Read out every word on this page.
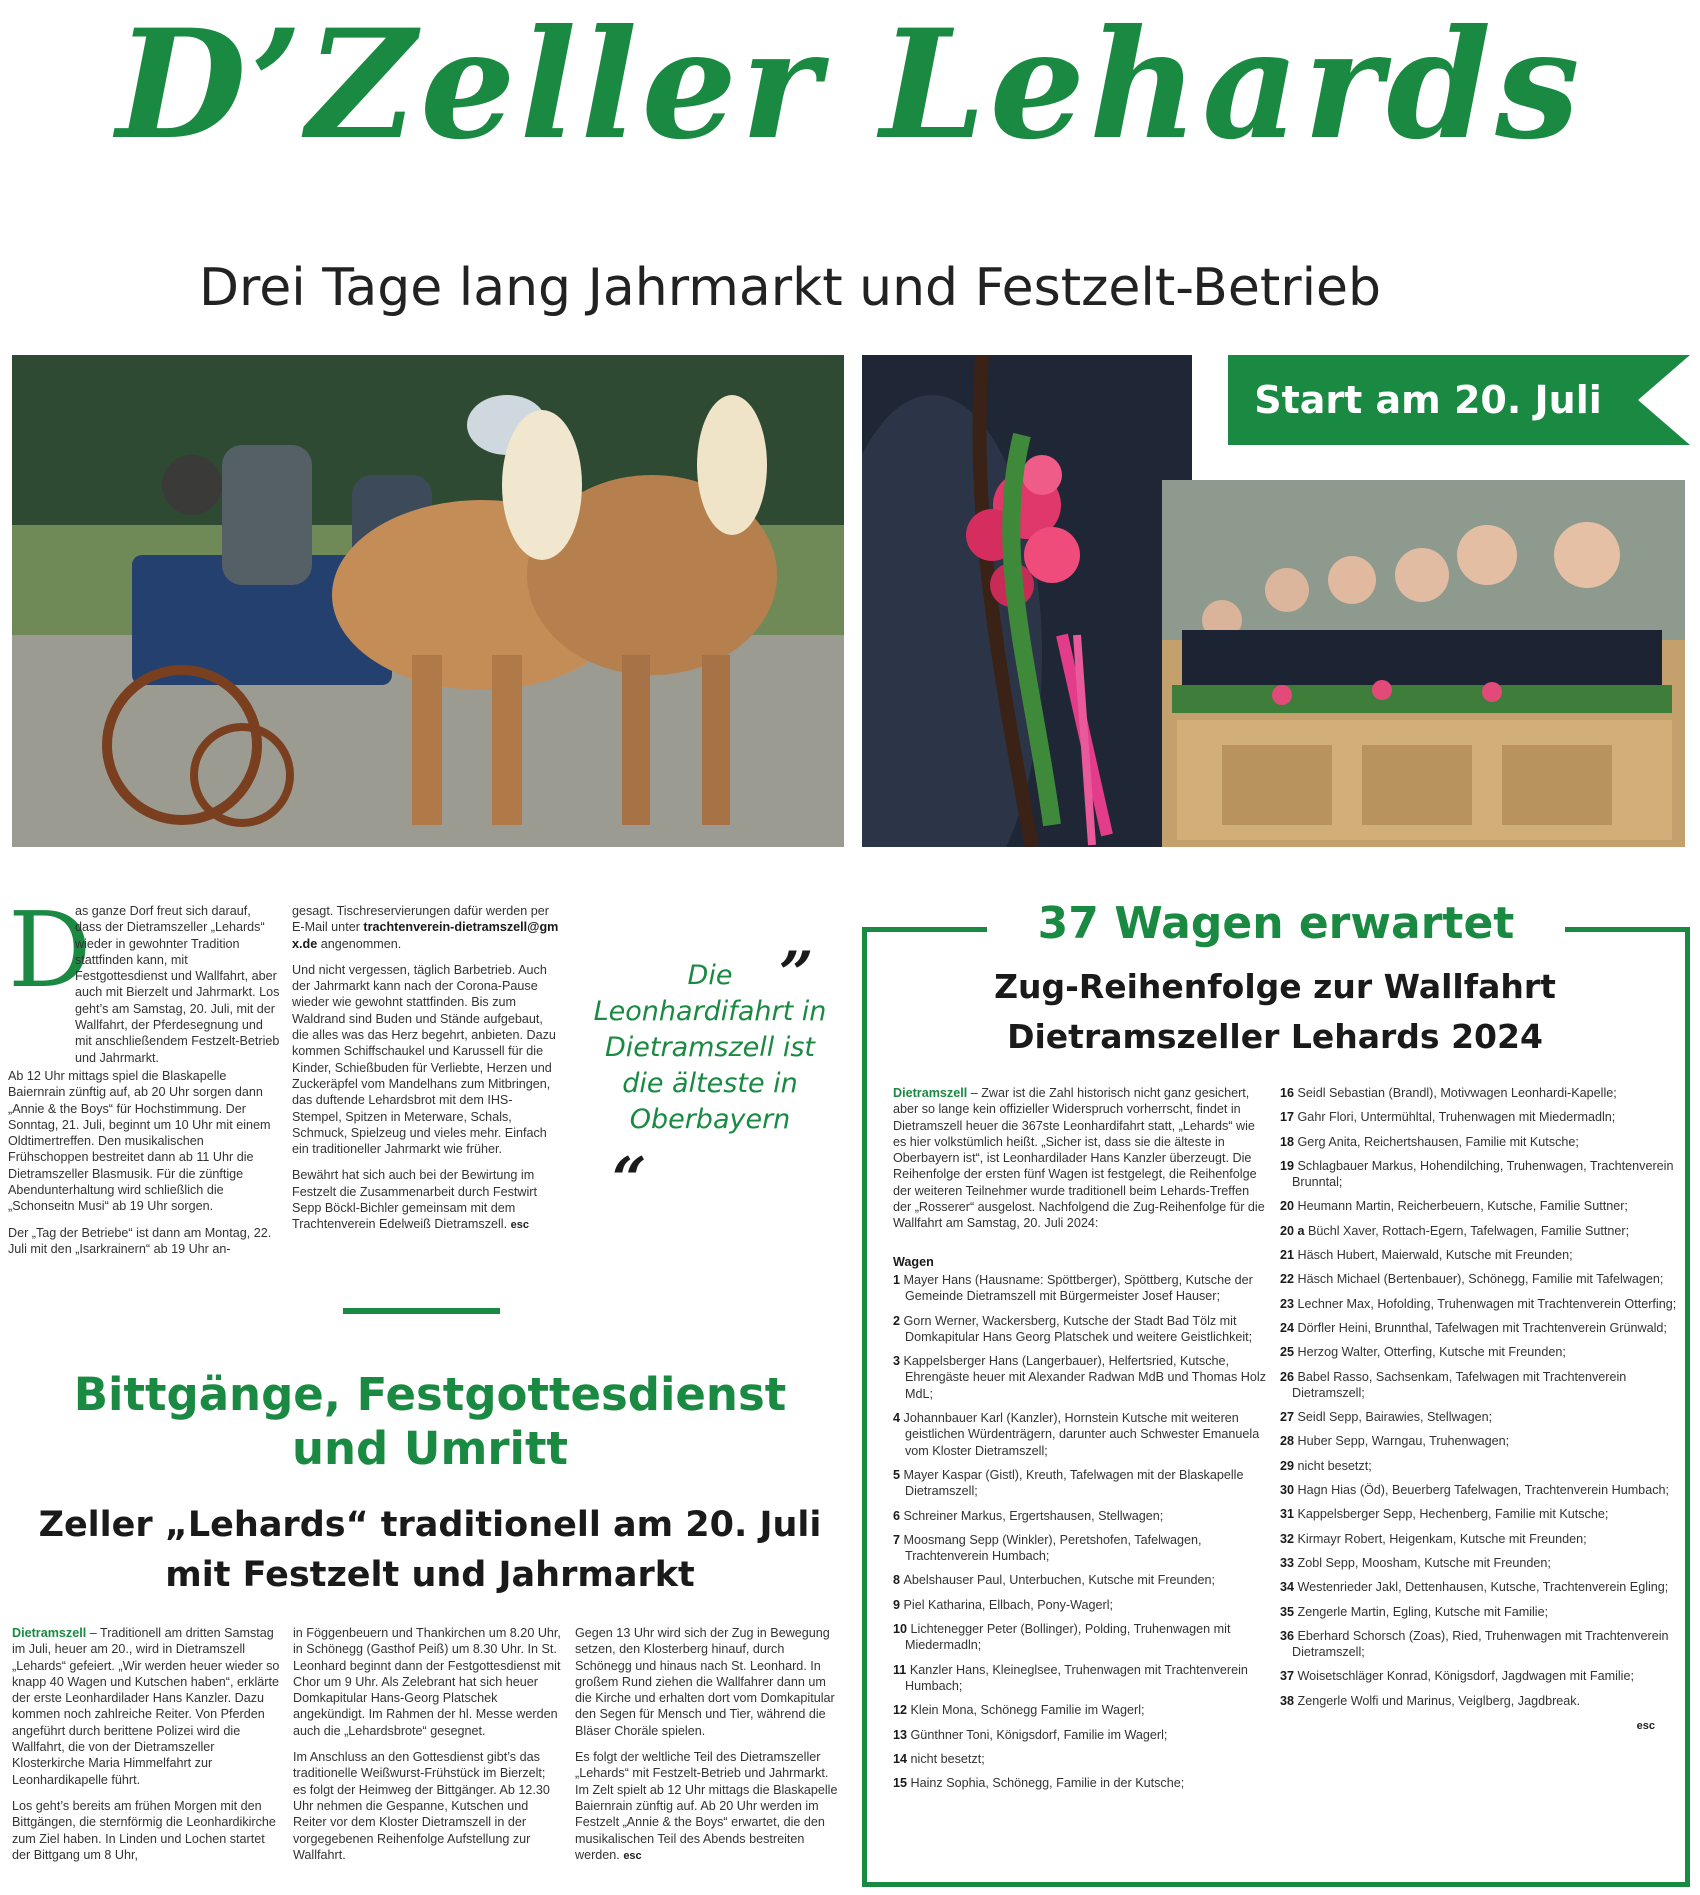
D’Zeller Lehards
Drei Tage lang Jahrmarkt und Festzelt-Betrieb
Start am 20. Juli
D

as ganze Dorf freut sich darauf, dass der Dietramszeller „Lehards“ wieder in gewohnter Tradition stattfinden kann, mit Festgottesdienst und Wallfahrt, aber auch mit Bierzelt und Jahrmarkt. Los geht’s am Samstag, 20. Juli, mit der Wallfahrt, der Pferdesegnung und mit anschließendem Festzelt-Betrieb und Jahrmarkt.

Ab 12 Uhr mittags spiel die Blaskapelle Baiernrain zünftig auf, ab 20 Uhr sorgen dann „Annie & the Boys“ für Hochstimmung. Der Sonntag, 21. Juli, beginnt um 10 Uhr mit einem Oldtimertreffen. Den musikalischen Frühschoppen bestreitet dann ab 11 Uhr die Dietramszeller Blasmusik. Für die zünftige Abendunterhaltung wird schließlich die „Schonseitn Musi“ ab 19 Uhr sorgen.

Der „Tag der Betriebe“ ist dann am Montag, 22. Juli mit den „Isarkrainern“ ab 19 Uhr an-

gesagt. Tischreservierungen dafür werden per E-Mail unter trachtenverein-dietramszell@gmx.de angenommen.

Und nicht vergessen, täglich Barbetrieb. Auch der Jahrmarkt kann nach der Corona-Pause wieder wie gewohnt stattfinden. Bis zum Waldrand sind Buden und Stände aufgebaut, die alles was das Herz begehrt, anbieten. Dazu kommen Schiffschaukel und Karussell für die Kinder, Schießbuden für Verliebte, Herzen und Zuckeräpfel vom Mandelhans zum Mitbringen, das duftende Lehardsbrot mit dem IHS-Stempel, Spitzen in Meterware, Schals, Schmuck, Spielzeug und vieles mehr. Einfach ein traditioneller Jahrmarkt wie früher.

Bewährt hat sich auch bei der Bewirtung im Festzelt die Zusammenarbeit durch Festwirt Sepp Böckl-Bichler gemeinsam mit dem Trachtenverein Edelweiß Dietramszell. esc

„
Die Leonhardifahrt in Dietramszell ist die älteste in Oberbayern
“
Bittgänge, Festgottesdienst und Umritt
Zeller „Lehards“ traditionell am 20. Juli mit Festzelt und Jahrmarkt

Dietramszell – Traditionell am dritten Samstag im Juli, heuer am 20., wird in Dietramszell „Lehards“ gefeiert. „Wir werden heuer wieder so knapp 40 Wagen und Kutschen haben“, erklärte der erste Leonhardilader Hans Kanzler. Dazu kommen noch zahlreiche Reiter. Von Pferden angeführt durch berittene Polizei wird die Wallfahrt, die von der Dietramszeller Klosterkirche Maria Himmelfahrt zur Leonhardikapelle führt.

Los geht’s bereits am frühen Morgen mit den Bittgängen, die sternförmig die Leonhardikirche zum Ziel haben. In Linden und Lochen startet der Bittgang um 8 Uhr,

in Föggenbeuern und Thankirchen um 8.20 Uhr, in Schönegg (Gasthof Peiß) um 8.30 Uhr. In St. Leonhard beginnt dann der Festgottesdienst mit Chor um 9 Uhr. Als Zelebrant hat sich heuer Domkapitular Hans-Georg Platschek angekündigt. Im Rahmen der hl. Messe werden auch die „Lehardsbrote“ gesegnet.

Im Anschluss an den Gottesdienst gibt’s das traditionelle Weißwurst-Frühstück im Bierzelt; es folgt der Heimweg der Bittgänger. Ab 12.30 Uhr nehmen die Gespanne, Kutschen und Reiter vor dem Kloster Dietramszell in der vorgegebenen Reihenfolge Aufstellung zur Wallfahrt.

Gegen 13 Uhr wird sich der Zug in Bewegung setzen, den Klosterberg hinauf, durch Schönegg und hinaus nach St. Leonhard. In großem Rund ziehen die Wallfahrer dann um die Kirche und erhalten dort vom Domkapitular den Segen für Mensch und Tier, während die Bläser Choräle spielen.

Es folgt der weltliche Teil des Dietramszeller „Lehards“ mit Festzelt-Betrieb und Jahrmarkt. Im Zelt spielt ab 12 Uhr mittags die Blaskapelle Baiernrain zünftig auf. Ab 20 Uhr werden im Festzelt „Annie & the Boys“ erwartet, die den musikalischen Teil des Abends bestreiten werden. esc

37 Wagen erwartet
Zug-Reihenfolge zur Wallfahrt Dietramszeller Lehards 2024

Dietramszell – Zwar ist die Zahl historisch nicht ganz gesichert, aber so lange kein offizieller Widerspruch vorherrscht, findet in Dietramszell heuer die 367ste Leonhardifahrt statt, „Lehards“ wie es hier volkstümlich heißt. „Sicher ist, dass sie die älteste in Oberbayern ist“, ist Leonhardilader Hans Kanzler überzeugt. Die Reihenfolge der ersten fünf Wagen ist festgelegt, die Reihenfolge der weiteren Teilnehmer wurde traditionell beim Lehards-Treffen der „Rosserer“ ausgelost. Nachfolgend die Zug-Reihenfolge für die Wallfahrt am Samstag, 20. Juli 2024:

Wagen

1 Mayer Hans (Hausname: Spöttberger), Spöttberg, Kutsche der Gemeinde Dietramszell mit Bürgermeister Josef Hauser;
2 Gorn Werner, Wackersberg, Kutsche der Stadt Bad Tölz mit Domkapitular Hans Georg Platschek und weitere Geistlichkeit;
3 Kappelsberger Hans (Langerbauer), Helfertsried, Kutsche, Ehrengäste heuer mit Alexander Radwan MdB und Thomas Holz MdL;
4 Johannbauer Karl (Kanzler), Hornstein Kutsche mit weiteren geistlichen Würdenträgern, darunter auch Schwester Emanuela vom Kloster Dietramszell;
5 Mayer Kaspar (Gistl), Kreuth, Tafelwagen mit der Blaskapelle Dietramszell;
6 Schreiner Markus, Ergertshausen, Stellwagen;
7 Moosmang Sepp (Winkler), Peretshofen, Tafelwagen, Trachtenverein Humbach;
8 Abelshauser Paul, Unterbuchen, Kutsche mit Freunden;
9 Piel Katharina, Ellbach, Pony-Wagerl;
10 Lichtenegger Peter (Bollinger), Polding, Truhenwagen mit Miedermadln;
11 Kanzler Hans, Kleineglsee, Truhenwagen mit Trachtenverein Humbach;
12 Klein Mona, Schönegg Familie im Wagerl;
13 Günthner Toni, Königsdorf, Familie im Wagerl;
14 nicht besetzt;
15 Hainz Sophia, Schönegg, Familie in der Kutsche;
16 Seidl Sebastian (Brandl), Motivwagen Leonhardi-Kapelle;
17 Gahr Flori, Untermühltal, Truhenwagen mit Miedermadln;
18 Gerg Anita, Reichertshausen, Familie mit Kutsche;
19 Schlagbauer Markus, Hohendilching, Truhenwagen, Trachtenverein Brunntal;
20 Heumann Martin, Reicherbeuern, Kutsche, Familie Suttner;
20 a Büchl Xaver, Rottach-Egern, Tafelwagen, Familie Suttner;
21 Häsch Hubert, Maierwald, Kutsche mit Freunden;
22 Häsch Michael (Bertenbauer), Schönegg, Familie mit Tafelwagen;
23 Lechner Max, Hofolding, Truhenwagen mit Trachtenverein Otterfing;
24 Dörfler Heini, Brunnthal, Tafelwagen mit Trachtenverein Grünwald;
25 Herzog Walter, Otterfing, Kutsche mit Freunden;
26 Babel Rasso, Sachsenkam, Tafelwagen mit Trachtenverein Dietramszell;
27 Seidl Sepp, Bairawies, Stellwagen;
28 Huber Sepp, Warngau, Truhenwagen;
29 nicht besetzt;
30 Hagn Hias (Öd), Beuerberg Tafelwagen, Trachtenverein Humbach;
31 Kappelsberger Sepp, Hechenberg, Familie mit Kutsche;
32 Kirmayr Robert, Heigenkam, Kutsche mit Freunden;
33 Zobl Sepp, Moosham, Kutsche mit Freunden;
34 Westenrieder Jakl, Dettenhausen, Kutsche, Trachtenverein Egling;
35 Zengerle Martin, Egling, Kutsche mit Familie;
36 Eberhard Schorsch (Zoas), Ried, Truhenwagen mit Trachtenverein Dietramszell;
37 Woisetschläger Konrad, Königsdorf, Jagdwagen mit Familie;
38 Zengerle Wolfi und Marinus, Veiglberg, Jagdbreak.
esc
